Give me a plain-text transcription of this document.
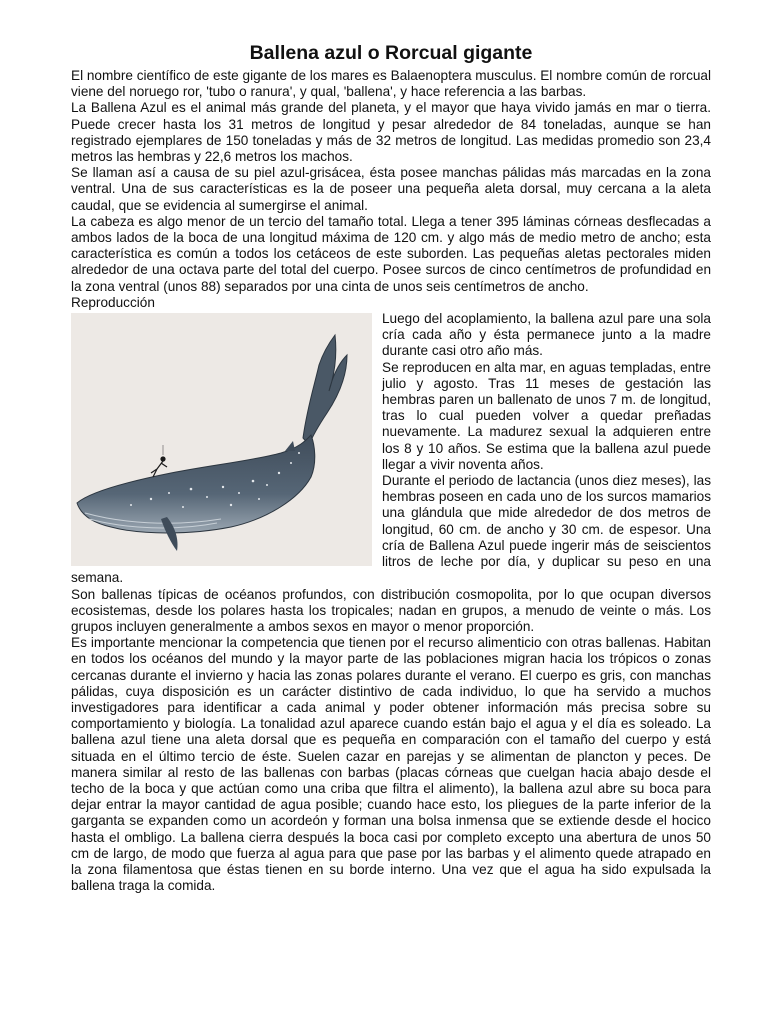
Ballena azul o Rorcual gigante

El nombre científico de este gigante de los mares es Balaenoptera musculus. El nombre común de rorcual viene del noruego ror, 'tubo o ranura', y qual, 'ballena', y hace referencia a las barbas.

La Ballena Azul es el animal más grande del planeta, y el mayor que haya vivido jamás en mar o tierra. Puede crecer hasta los 31 metros de longitud y pesar alrededor de 84 toneladas, aunque se han registrado ejemplares de 150 toneladas y más de 32 metros de longitud. Las medidas promedio son 23,4 metros las hembras y 22,6 metros los machos.

Se llaman así a causa de su piel azul-grisácea, ésta posee manchas pálidas más marcadas en la zona ventral. Una de sus características es la de poseer una pequeña aleta dorsal, muy cercana a la aleta caudal, que se evidencia al sumergirse el animal.

La cabeza es algo menor de un tercio del tamaño total. Llega a tener 395 láminas córneas desflecadas a ambos lados de la boca de una longitud máxima de 120 cm. y algo más de medio metro de ancho; esta característica es común a todos los cetáceos de este suborden. Las pequeñas aletas pectorales miden alrededor de una octava parte del total del cuerpo. Posee surcos de cinco centímetros de profundidad en la zona ventral (unos 88) separados por una cinta de unos seis centímetros de ancho.

Reproducción

Luego del acoplamiento, la ballena azul pare una sola cría cada año y ésta permanece junto a la madre durante casi otro año más.

Se reproducen en alta mar, en aguas templadas, entre julio y agosto. Tras 11 meses de gestación las hembras paren un ballenato de unos 7 m. de longitud, tras lo cual pueden volver a quedar preñadas nuevamente. La madurez sexual la adquieren entre los 8 y 10 años. Se estima que la ballena azul puede llegar a vivir noventa años.

Durante el periodo de lactancia (unos diez meses), las hembras poseen en cada uno de los surcos mamarios una glándula que mide alrededor de dos metros de longitud, 60 cm. de ancho y 30 cm. de espesor. Una cría de Ballena Azul puede ingerir más de seiscientos litros de leche por día, y duplicar su peso en una semana.

Son ballenas típicas de océanos profundos, con distribución cosmopolita, por lo que ocupan diversos ecosistemas, desde los polares hasta los tropicales; nadan en grupos, a menudo de veinte o más. Los grupos incluyen generalmente a ambos sexos en mayor o menor proporción.

Es importante mencionar la competencia que tienen por el recurso alimenticio con otras ballenas. Habitan en todos los océanos del mundo y la mayor parte de las poblaciones migran hacia los trópicos o zonas cercanas durante el invierno y hacia las zonas polares durante el verano. El cuerpo es gris, con manchas pálidas, cuya disposición es un carácter distintivo de cada individuo, lo que ha servido a muchos investigadores para identificar a cada animal y poder obtener información más precisa sobre su comportamiento y biología. La tonalidad azul aparece cuando están bajo el agua y el día es soleado. La ballena azul tiene una aleta dorsal que es pequeña en comparación con el tamaño del cuerpo y está situada en el último tercio de éste. Suelen cazar en parejas y se alimentan de plancton y peces. De manera similar al resto de las ballenas con barbas (placas córneas que cuelgan hacia abajo desde el techo de la boca y que actúan como una criba que filtra el alimento), la ballena azul abre su boca para dejar entrar la mayor cantidad de agua posible; cuando hace esto, los pliegues de la parte inferior de la garganta se expanden como un acordeón y forman una bolsa inmensa que se extiende desde el hocico hasta el ombligo. La ballena cierra después la boca casi por completo excepto una abertura de unos 50 cm de largo, de modo que fuerza al agua para que pase por las barbas y el alimento quede atrapado en la zona filamentosa que éstas tienen en su borde interno. Una vez que el agua ha sido expulsada la ballena traga la comida.
